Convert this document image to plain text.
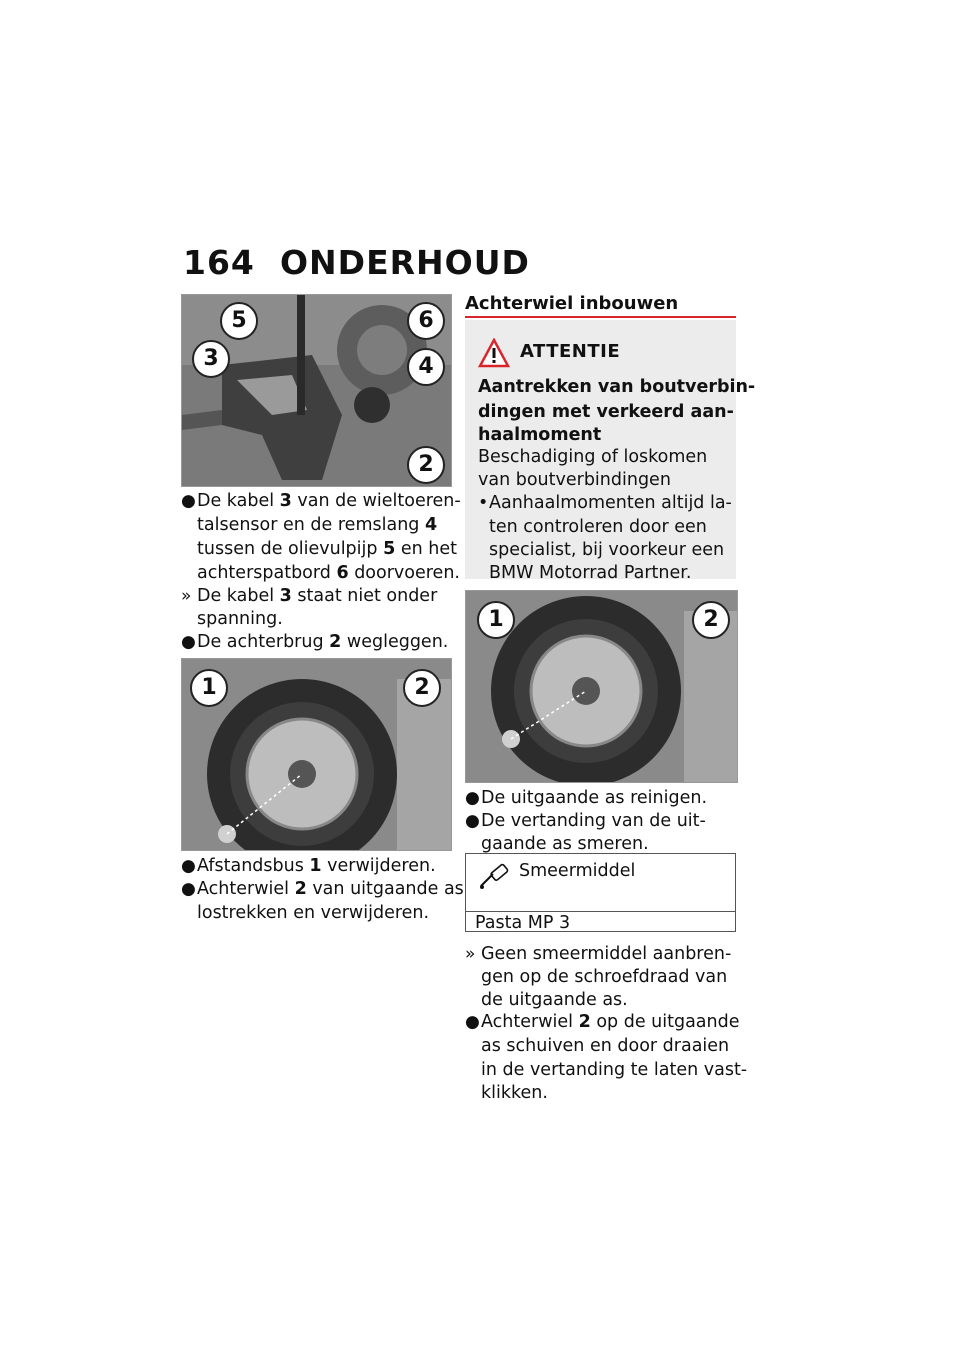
164 ONDERHOUD
5	6
3	4
2
● De kabel 3 van de wieltoeren-
talsensor en de remslang 4
tussen de olievulpijp 5 en het
achterspatbord 6 doorvoeren.
» De kabel 3 staat niet onder
spanning.
● De achterbrug 2 wegleggen.
1	2
● Afstandsbus 1 verwijderen.
● Achterwiel 2 van uitgaande as
lostrekken en verwijderen.
Achterwiel inbouwen
ATTENTIE
Aantrekken van boutverbin-
dingen met verkeerd aan-
haalmoment
Beschadiging of loskomen
van boutverbindingen
• Aanhaalmomenten altijd la-
ten controleren door een
specialist, bij voorkeur een
BMW Motorrad Partner.
1	2
● De uitgaande as reinigen.
● De vertanding van de uit-
gaande as smeren.
Smeermiddel
Pasta MP 3
» Geen smeermiddel aanbren-
gen op de schroefdraad van
de uitgaande as.
● Achterwiel 2 op de uitgaande
as schuiven en door draaien
in de vertanding te laten vast-
klikken.
